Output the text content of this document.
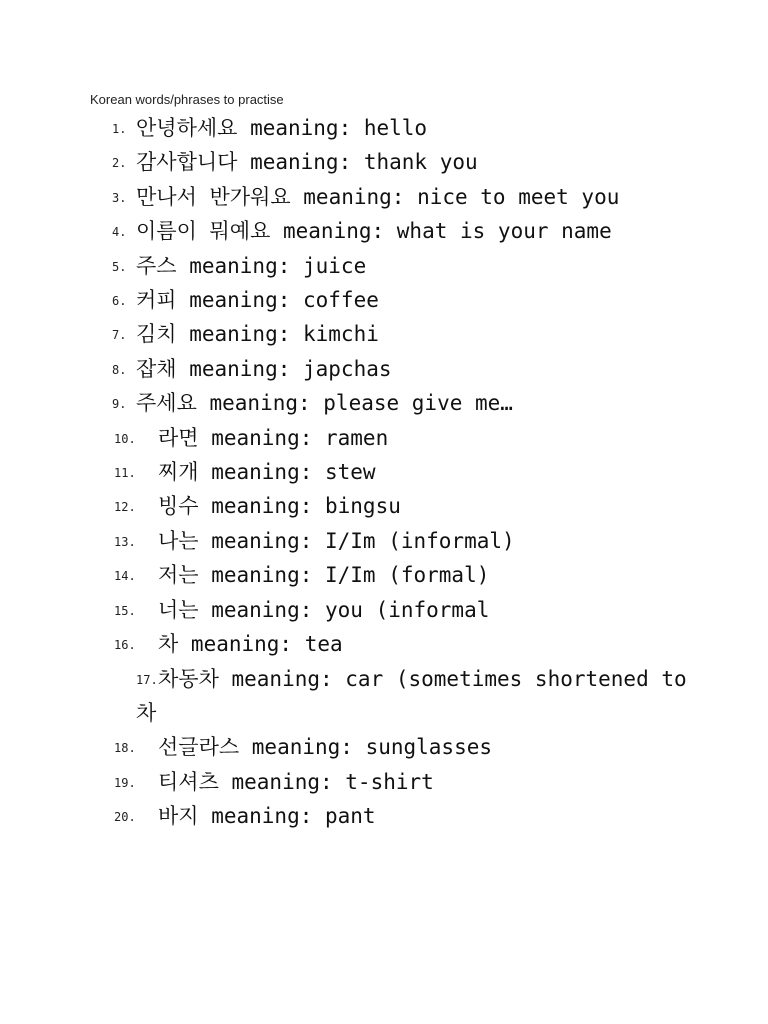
Korean words/phrases to practise
1. 안녕하세요 meaning: hello
2. 감사합니다 meaning: thank you
3. 만나서 반가워요 meaning: nice to meet you
4. 이름이 뭐예요 meaning: what is your name
5. 주스 meaning: juice
6. 커피 meaning: coffee
7. 김치 meaning: kimchi
8. 잡채 meaning: japchas
9. 주세요 meaning: please give me…
10. 라면 meaning: ramen
11. 찌개 meaning: stew
12. 빙수 meaning: bingsu
13. 나는 meaning: I/Im (informal)
14. 저는 meaning: I/Im (formal)
15. 너는 meaning: you (informal
16. 차 meaning: tea
17. 차동차 meaning: car (sometimes shortened to 차
18. 선글라스 meaning: sunglasses
19. 티셔츠 meaning: t-shirt
20. 바지 meaning: pant
